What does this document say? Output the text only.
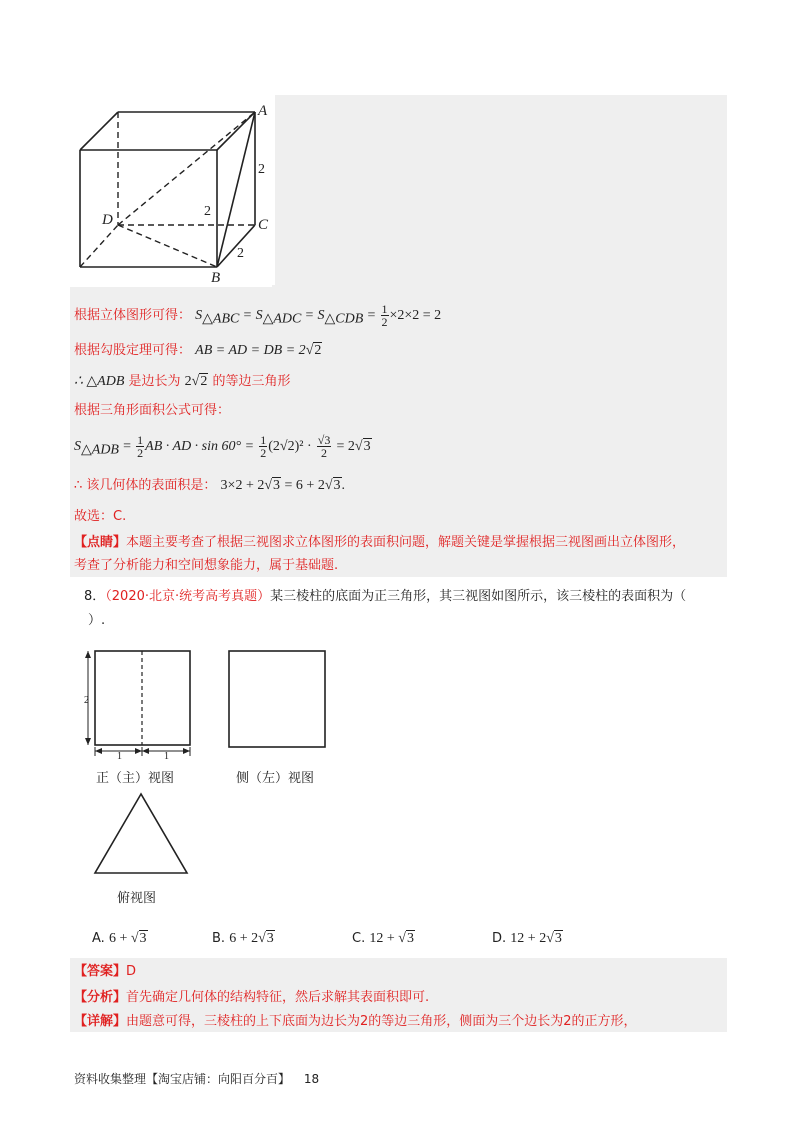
A
B
C
D
2
2
2
根据立体图形可得： $S_{\triangle ABC} = S_{\triangle ADC} = S_{\triangle CDB} = \frac{1}{2} \times 2\times 2 = 2$
根据勾股定理可得： AB = AD = DB = 2√2
∴ △ADB 是边长为 2√2 的等边三角形
根据三角形面积公式可得：
$S_{\triangle ADB} = \frac{1}{2}$ AB · AD · $\sin 60^\circ = \frac{1}{2} (2√2)^2 \cdot \frac{√3}{2} = 2√3$
∴ 该几何体的表面积是： 3×2 + 2√3 = 6 + 2√3.
故选：C.
【点睛】本题主要考查了根据三视图求立体图形的表面积问题，解题关键是掌握根据三视图画出立体图形，
考查了分析能力和空间想象能力，属于基础题.
8．（2020·北京·统考高考真题）某三棱柱的底面为正三角形，其三视图如图所示，该三棱柱的表面积为（
）.
2
1	1
正（主）视图	侧（左）视图
俯视图
A. 6 + √3	B. 6 + 2√3	C. 12 + √3	D. 12 + 2√3
【答案】D
【分析】首先确定几何体的结构特征，然后求解其表面积即可.
【详解】由题意可得，三棱柱的上下底面为边长为2的等边三角形，侧面为三个边长为2的正方形，
资料收集整理【淘宝店铺：向阳百分百】 18
